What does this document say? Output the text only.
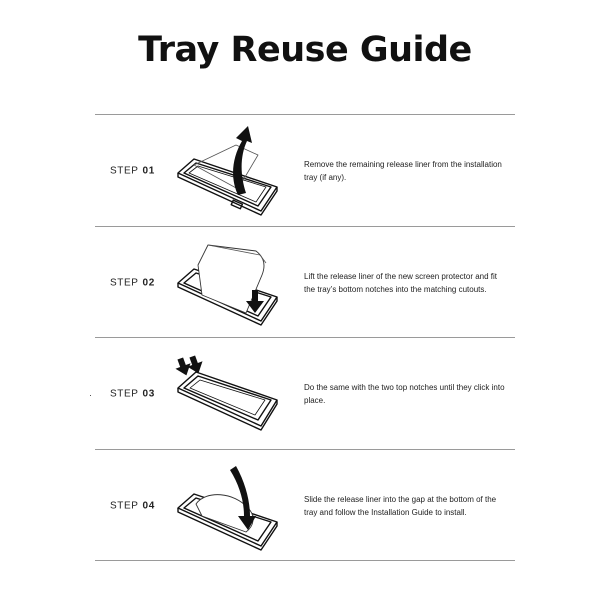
Tray Reuse Guide
STEP 01
Remove the remaining release liner from the installation tray (if any).
STEP 02
Lift the release liner of the new screen protector and fit the tray’s bottom notches into the matching cutouts.
STEP 03
Do the same with the two top notches until they click into place.
STEP 04
Slide the release liner into the gap at the bottom of the tray and follow the Installation Guide to install.
